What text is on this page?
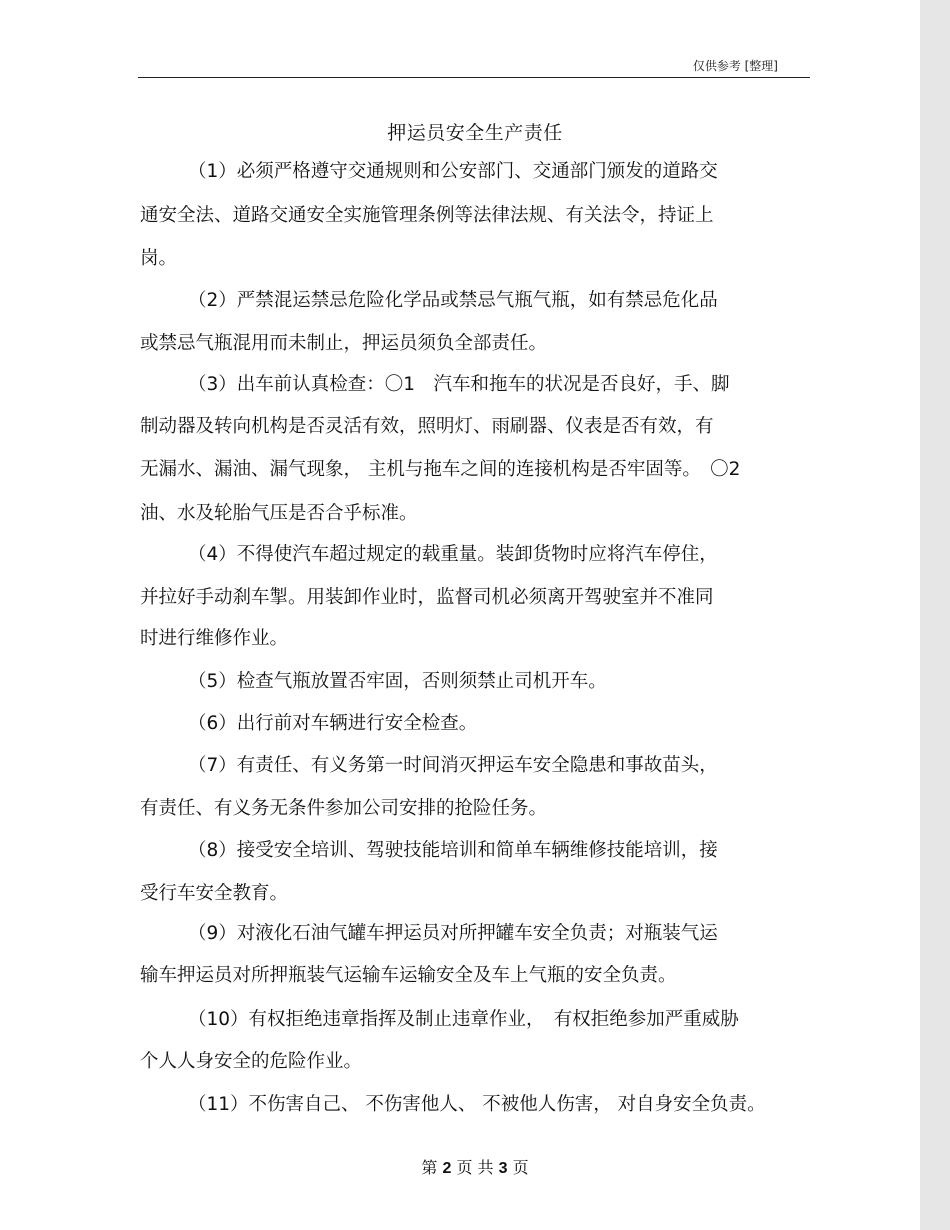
仅供参考 [整理]
押运员安全生产责任
（1）必须严格遵守交通规则和公安部门、交通部门颁发的道路交
通安全法、道路交通安全实施管理条例等法律法规、有关法令，持证上
岗。
（2）严禁混运禁忌危险化学品或禁忌气瓶气瓶，如有禁忌危化品
或禁忌气瓶混用而未制止，押运员须负全部责任。
（3）出车前认真检查：〇1　汽车和拖车的状况是否良好，手、脚
制动器及转向机构是否灵活有效，照明灯、雨刷器、仪表是否有效，有
无漏水、漏油、漏气现象， 主机与拖车之间的连接机构是否牢固等。　〇2
油、水及轮胎气压是否合乎标准。
（4）不得使汽车超过规定的载重量。装卸货物时应将汽车停住，
并拉好手动刹车掣。用装卸作业时，监督司机必须离开驾驶室并不准同
时进行维修作业。
（5）检查气瓶放置否牢固，否则须禁止司机开车。
（6）出行前对车辆进行安全检查。
（7）有责任、有义务第一时间消灭押运车安全隐患和事故苗头，
有责任、有义务无条件参加公司安排的抢险任务。
（8）接受安全培训、驾驶技能培训和简单车辆维修技能培训，接
受行车安全教育。
（9）对液化石油气罐车押运员对所押罐车安全负责；对瓶装气运
输车押运员对所押瓶装气运输车运输安全及车上气瓶的安全负责。
（10）有权拒绝违章指挥及制止违章作业，　有权拒绝参加严重威胁
个人人身安全的危险作业。
（11）不伤害自己、 不伤害他人、 不被他人伤害， 对自身安全负责。
第 2 页 共 3 页
